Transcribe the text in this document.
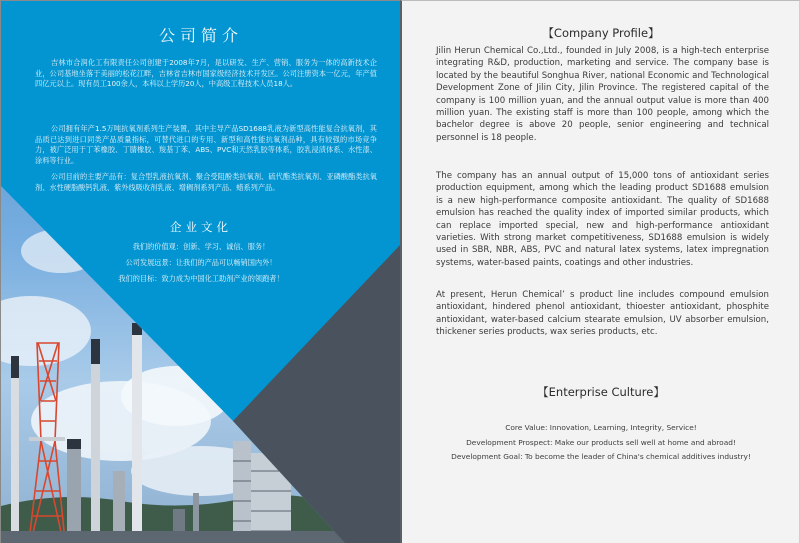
公司简介

吉林市合润化工有限责任公司创建于2008年7月，是以研发、生产、营销、服务为一体的高新技术企业，公司基地坐落于美丽的松花江畔，吉林省吉林市国家级经济技术开发区。公司注册资本一亿元，年产值四亿元以上。现有员工100余人，本科以上学历20人，中高级工程技术人员18人。

公司拥有年产1.5万吨抗氧剂系列生产装置，其中主导产品SD1688乳液为新型高性能复合抗氧剂，其品质已达到进口同类产品质量指标，可替代进口的专用、新型和高性能抗氧剂品种，具有较强的市场竞争力，被广泛用于丁苯橡胶、丁腈橡胶、羧基丁苯、ABS、PVC和天然乳胶等体系，胶乳浸渍体系、水性漆、涂料等行业。

公司目前的主要产品有：复合型乳液抗氧剂、聚合受阻酚类抗氧剂、硫代酯类抗氧剂、亚磷酸酯类抗氧剂、水性硬脂酸钙乳液、紫外线吸收剂乳液、增稠剂系列产品、蜡系列产品。

企业文化
我们的价值观：创新、学习、诚信、服务！
公司发展远景：让我们的产品可以畅销国内外！
我们的目标：致力成为中国化工助剂产业的领跑者！
【Company Profile】

Jilin Herun Chemical Co.,Ltd., founded in July 2008, is a high-tech enterprise integrating R&D, production, marketing and service. The company base is located by the beautiful Songhua River, national Economic and Technological Development Zone of Jilin City, Jilin Province. The registered capital of the company is 100 million yuan, and the annual output value is more than 400 million yuan. The existing staff is more than 100 people, among which the bachelor degree is above 20 people, senior engineering and technical personnel is 18 people.

The company has an annual output of 15,000 tons of antioxidant series production equipment, among which the leading product SD1688 emulsion is a new high-performance composite antioxidant. The quality of SD1688 emulsion has reached the quality index of imported similar products, which can replace imported special, new and high-performance antioxidant varieties. With strong market competitiveness, SD1688 emulsion is widely used in SBR, NBR, ABS, PVC and natural latex systems, latex impregnation systems, water-based paints, coatings and other industries.

At present, Herun Chemical’ s product line includes compound emulsion antioxidant, hindered phenol antioxidant, thioester antioxidant, phosphite antioxidant, water-based calcium stearate emulsion, UV absorber emulsion, thickener series products, wax series products, etc.

【Enterprise Culture】
Core Value: Innovation, Learning, Integrity, Service!
Development Prospect: Make our products sell well at home and abroad!
Development Goal: To become the leader of China's chemical additives industry!
